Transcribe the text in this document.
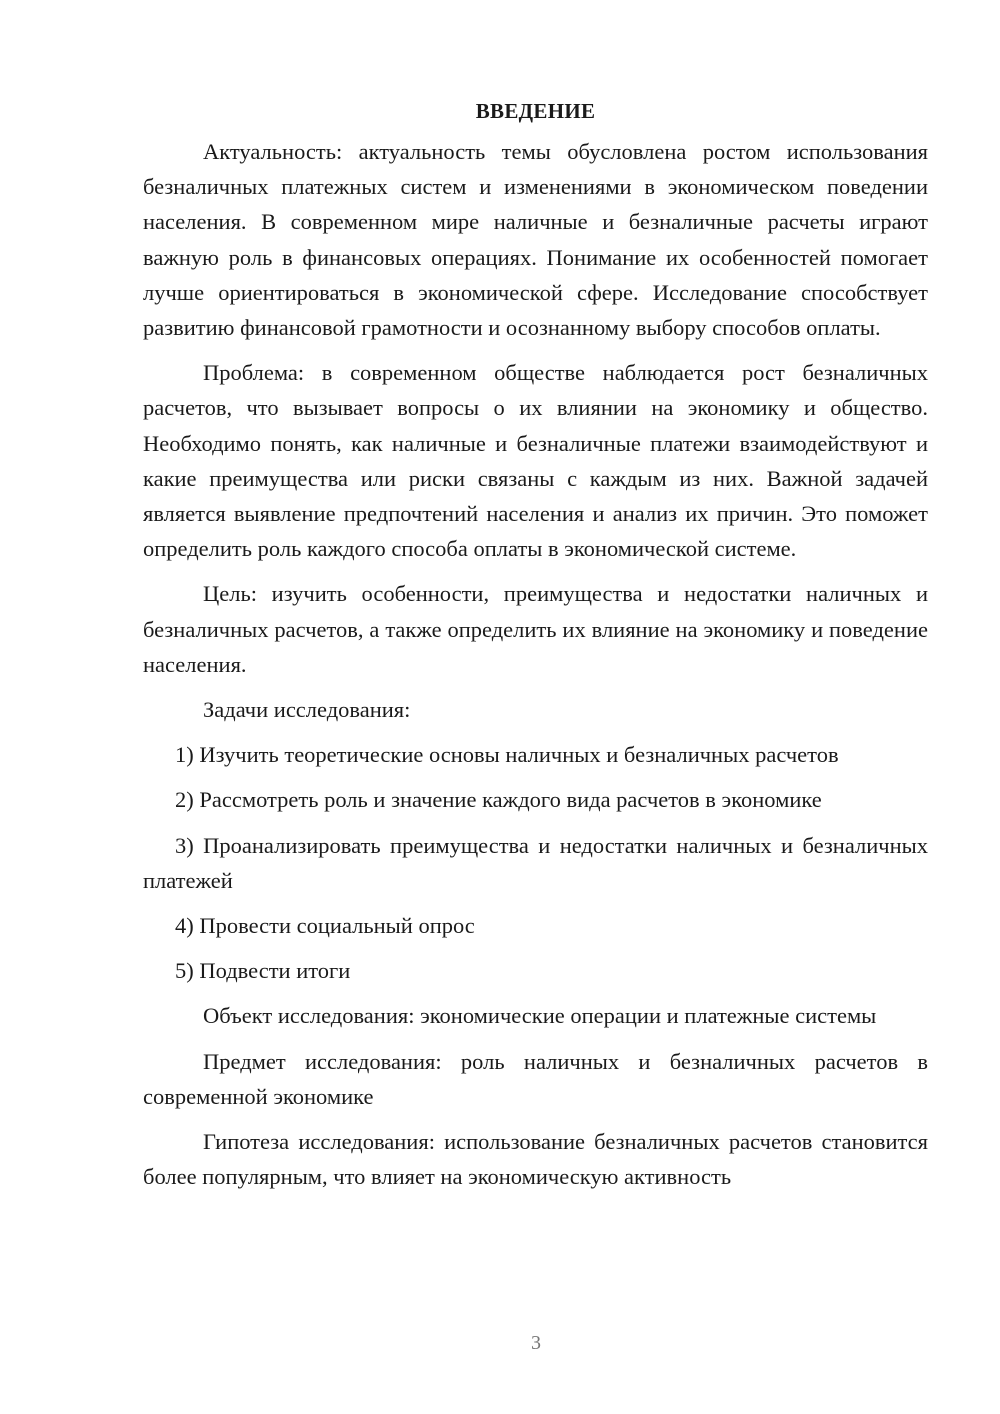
ВВЕДЕНИЕ

Актуальность: актуальность темы обусловлена ростом использования безналичных платежных систем и изменениями в экономическом поведении населения. В современном мире наличные и безналичные расчеты играют важную роль в финансовых операциях. Понимание их особенностей помогает лучше ориентироваться в экономической сфере. Исследование способствует развитию финансовой грамотности и осознанному выбору способов оплаты.

Проблема: в современном обществе наблюдается рост безналичных расчетов, что вызывает вопросы о их влиянии на экономику и общество. Необходимо понять, как наличные и безналичные платежи взаимодействуют и какие преимущества или риски связаны с каждым из них. Важной задачей является выявление предпочтений населения и анализ их причин. Это поможет определить роль каждого способа оплаты в экономической системе.

Цель: изучить особенности, преимущества и недостатки наличных и безналичных расчетов, а также определить их влияние на экономику и поведение населения.

Задачи исследования:

1) Изучить теоретические основы наличных и безналичных расчетов

2) Рассмотреть роль и значение каждого вида расчетов в экономике

3) Проанализировать преимущества и недостатки наличных и безналичных платежей

4) Провести социальный опрос

5) Подвести итоги

Объект исследования: экономические операции и платежные системы

Предмет исследования: роль наличных и безналичных расчетов в современной экономике

Гипотеза исследования: использование безналичных расчетов становится более популярным, что влияет на экономическую активность

3
